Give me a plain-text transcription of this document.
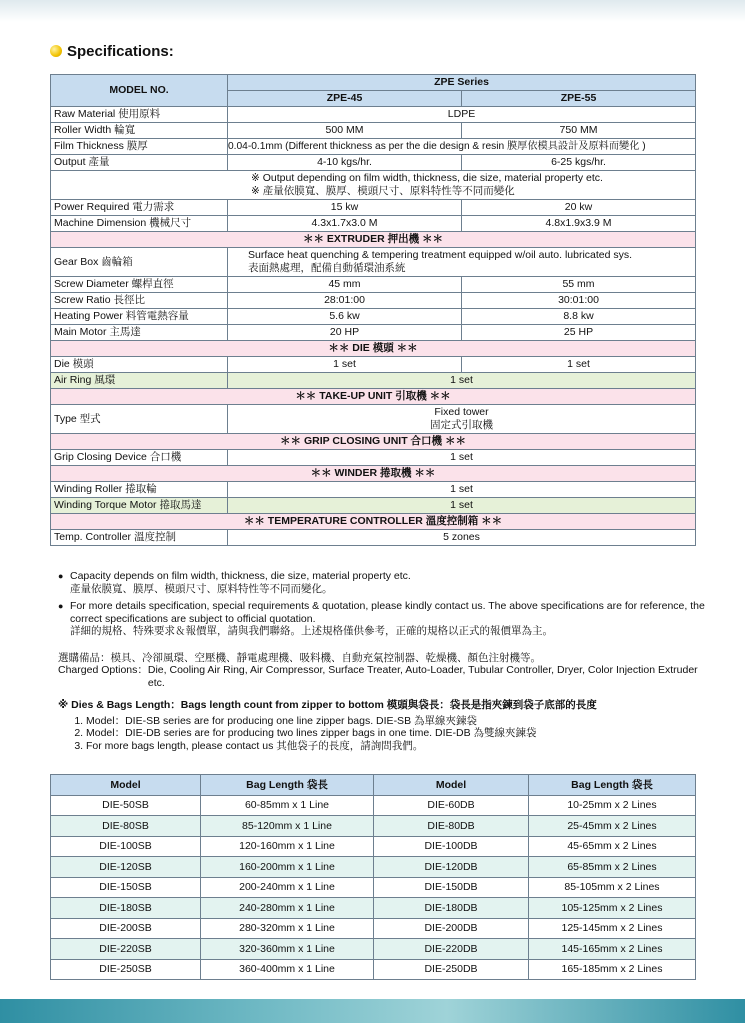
Specifications:
MODEL NO.	ZPE Series	
	ZPE-45	ZPE-55
Raw Material 使用原料	LDPE	
Roller Width 輪寬	500 MM	750 MM
Film Thickness 膜厚	0.04-0.1mm (Different thickness as per the die design & resin 膜厚依模具設計及原料而變化 )	
Output 產量	4-10 kgs/hr.	6-25 kgs/hr.

※ Output depending on film width, thickness, die size, material property etc.
※ 產量依膜寬、膜厚、模頭尺寸、原料特性等不同而變化		

Power Required 電力需求	15 kw	20 kw
Machine Dimension 機械尺寸	4.3x1.7x3.0 M	4.8x1.9x3.9 M
＊＊ EXTRUDER 押出機 ＊＊		
Gear Box 齒輪箱	Surface heat quenching & tempering treatment equipped w/oil auto. lubricated sys.
表面熱處理，配備自動循環油系統	

Screw Diameter 螺桿直徑	45 mm	55 mm
Screw Ratio 長徑比	28:01:00	30:01:00
Heating Power 料管電熱容量	5.6 kw	8.8 kw
Main Motor 主馬達	20 HP	25 HP
＊＊ DIE 模頭 ＊＊		
Die 模頭	1 set	1 set
Air Ring 風環	1 set	
＊＊ TAKE-UP UNIT 引取機 ＊＊		
Type 型式	Fixed tower
固定式引取機	

＊＊ GRIP CLOSING UNIT 合口機 ＊＊		
Grip Closing Device 合口機	1 set	
＊＊ WINDER 捲取機 ＊＊		
Winding Roller 捲取輪	1 set	
Winding Torque Motor 捲取馬達	1 set	
＊＊ TEMPERATURE CONTROLLER 溫度控制箱 ＊＊		
Temp. Controller 溫度控制	5 zones	
● Capacity depends on film width, thickness, die size, material property etc.
產量依膜寬、膜厚、模頭尺寸、原料特性等不同而變化。
● For more details specification, special requirements & quotation, please kindly contact us. The above specifications are for reference, the correct specifications are subject to official quotation.
詳細的規格、特殊要求＆報價單，請與我們聯絡。上述規格僅供參考，正確的規格以正式的報價單為主。
選購備品：模具、冷卻風環、空壓機、靜電處理機、吸料機、自動充氣控制器、乾燥機、顏色注射機等。
Charged Options： Die, Cooling Air Ring, Air Compressor, Surface Treater, Auto-Loader, Tubular Controller, Dryer, Color Injection Extruder etc.
※ Dies & Bags Length：Bags length count from zipper to bottom 模頭與袋長：袋長是指夾鍊到袋子底部的長度
1. Model：DIE-SB series are for producing one line zipper bags. DIE-SB 為單線夾鍊袋
2. Model：DIE-DB series are for producing two lines zipper bags in one time. DIE-DB 為雙線夾鍊袋
3. For more bags length, please contact us 其他袋子的長度，請詢問我們。
Model	Bag Length 袋長	Model	Bag Length 袋長
DIE-50SB	60-85mm x 1 Line	DIE-60DB	10-25mm x 2 Lines
DIE-80SB	85-120mm x 1 Line	DIE-80DB	25-45mm x 2 Lines
DIE-100SB	120-160mm x 1 Line	DIE-100DB	45-65mm x 2 Lines
DIE-120SB	160-200mm x 1 Line	DIE-120DB	65-85mm x 2 Lines
DIE-150SB	200-240mm x 1 Line	DIE-150DB	85-105mm x 2 Lines
DIE-180SB	240-280mm x 1 Line	DIE-180DB	105-125mm x 2 Lines
DIE-200SB	280-320mm x 1 Line	DIE-200DB	125-145mm x 2 Lines
DIE-220SB	320-360mm x 1 Line	DIE-220DB	145-165mm x 2 Lines
DIE-250SB	360-400mm x 1 Line	DIE-250DB	165-185mm x 2 Lines
